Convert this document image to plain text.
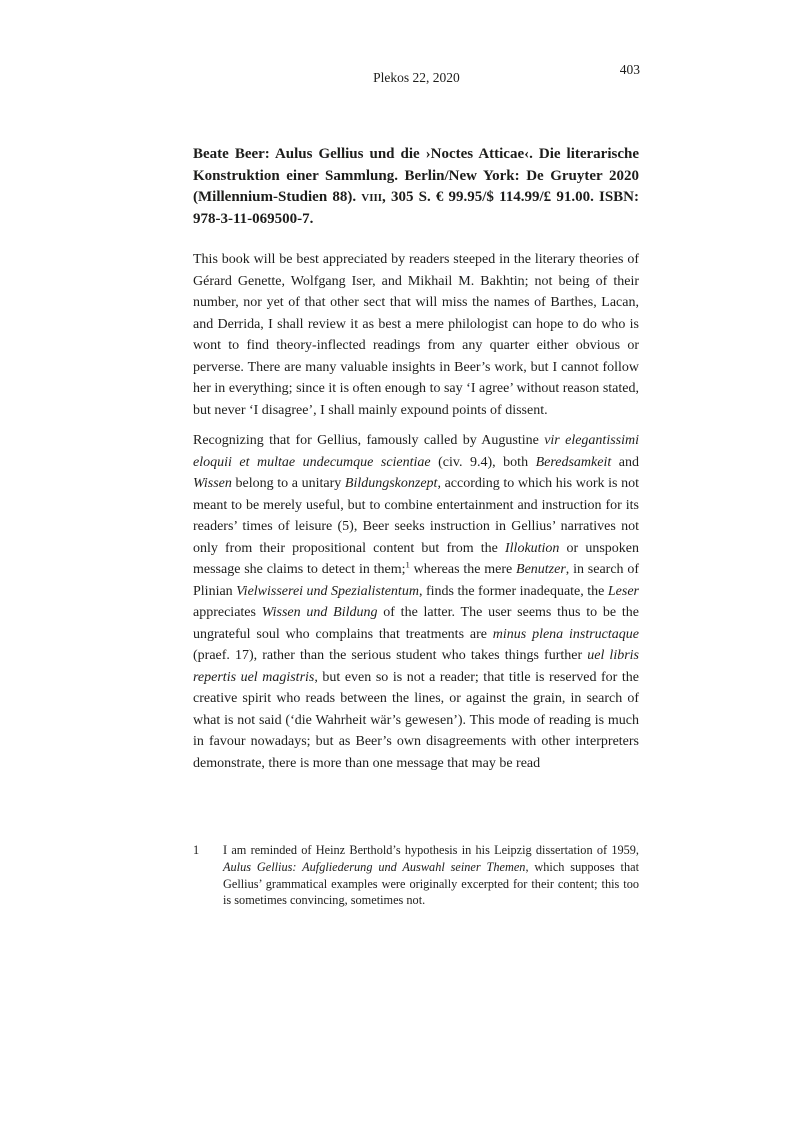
Plekos 22, 2020
403
Beate Beer: Aulus Gellius und die ›Noctes Atticae‹. Die literarische Konstruktion einer Sammlung. Berlin/New York: De Gruyter 2020 (Millennium-Studien 88). viii, 305 S. € 99.95/$ 114.99/£ 91.00. ISBN: 978-3-11-069500-7.

This book will be best appreciated by readers steeped in the literary theories of Gérard Genette, Wolfgang Iser, and Mikhail M. Bakhtin; not being of their number, nor yet of that other sect that will miss the names of Barthes, Lacan, and Derrida, I shall review it as best a mere philologist can hope to do who is wont to find theory-inflected readings from any quarter either obvious or perverse. There are many valuable insights in Beer’s work, but I cannot follow her in everything; since it is often enough to say ‘I agree’ without reason stated, but never ‘I disagree’, I shall mainly expound points of dissent.

Recognizing that for Gellius, famously called by Augustine vir elegantissimi eloquii et multae undecumque scientiae (civ. 9.4), both Beredsamkeit and Wissen belong to a unitary Bildungskonzept, according to which his work is not meant to be merely useful, but to combine entertainment and instruction for its readers’ times of leisure (5), Beer seeks instruction in Gellius’ narratives not only from their propositional content but from the Illokution or unspoken message she claims to detect in them;$^1$ whereas the mere Benutzer, in search of Plinian Vielwisserei und Spezialistentum, finds the former inadequate, the Leser appreciates Wissen und Bildung of the latter. The user seems thus to be the ungrateful soul who complains that treatments are minus plena instructaque (praef. 17), rather than the serious student who takes things further uel libris repertis uel magistris, but even so is not a reader; that title is reserved for the creative spirit who reads between the lines, or against the grain, in search of what is not said (‘die Wahrheit wär’s gewesen’). This mode of reading is much in favour nowadays; but as Beer’s own disagreements with other interpreters demonstrate, there is more than one message that may be read

1	I am reminded of Heinz Berthold’s hypothesis in his Leipzig dissertation of 1959, Aulus Gellius: Aufgliederung und Auswahl seiner Themen, which supposes that Gellius’ grammatical examples were originally excerpted for their content; this too is sometimes convincing, sometimes not.
